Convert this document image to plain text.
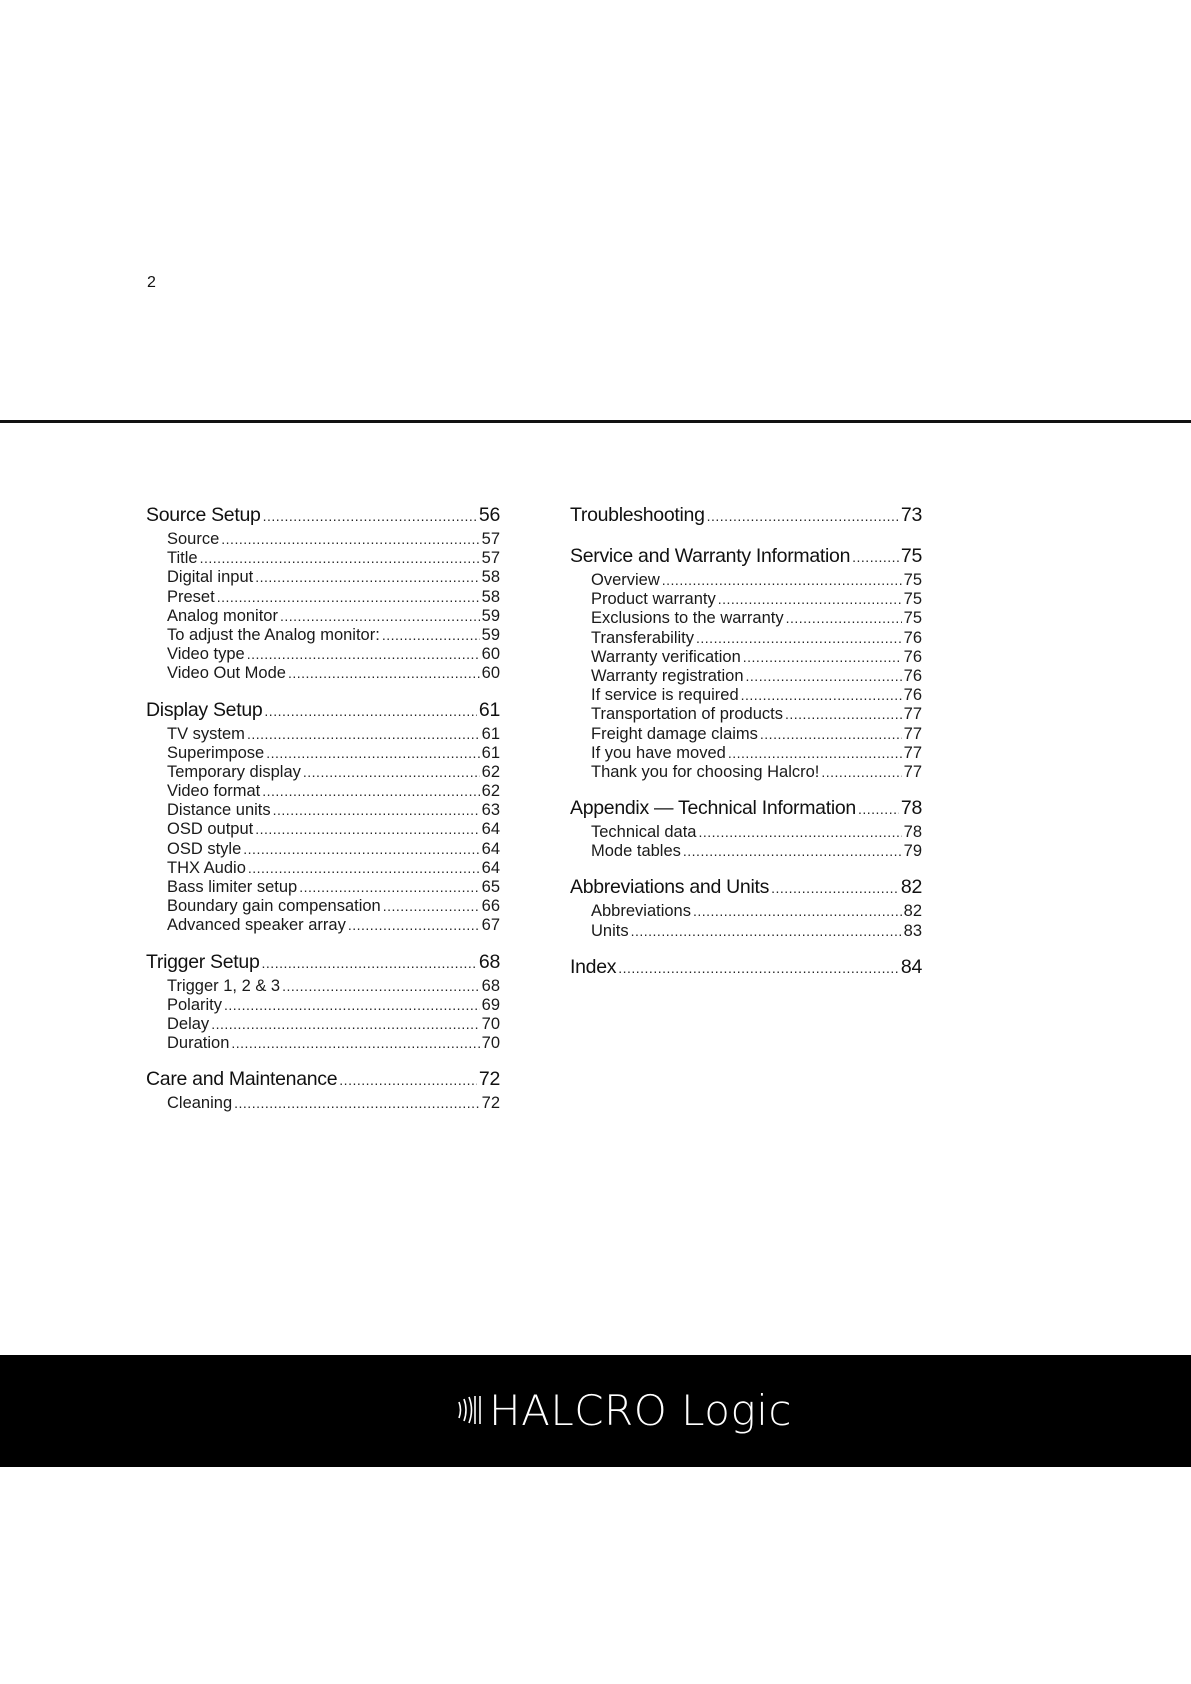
2
Source Setup .....	56
Source .....	57
Title .....	57
Digital input .....	58
Preset .....	58
Analog monitor .....	59
To adjust the Analog monitor: .....	59
Video type .....	60
Video Out Mode .....	60
Display Setup .....	61
TV system .....	61
Superimpose .....	61
Temporary display .....	62
Video format .....	62
Distance units .....	63
OSD output .....	64
OSD style .....	64
THX Audio .....	64
Bass limiter setup .....	65
Boundary gain compensation .....	66
Advanced speaker array .....	67
Trigger Setup .....	68
Trigger 1, 2 & 3 .....	68
Polarity .....	69
Delay .....	70
Duration .....	70
Care and Maintenance .....	72
Cleaning .....	72
Troubleshooting .....	73
Service and Warranty Information .....	75
Overview .....	75
Product warranty .....	75
Exclusions to the warranty .....	75
Transferability .....	76
Warranty verification .....	76
Warranty registration .....	76
If service is required .....	76
Transportation of products .....	77
Freight damage claims .....	77
If you have moved .....	77
Thank you for choosing Halcro! .....	77
Appendix — Technical Information ..... 78
Technical data .....	78
Mode tables .....	79
Abbreviations and Units .....	82
Abbreviations .....	82
Units .....	83
Index .....	84
HALCRO Logic
